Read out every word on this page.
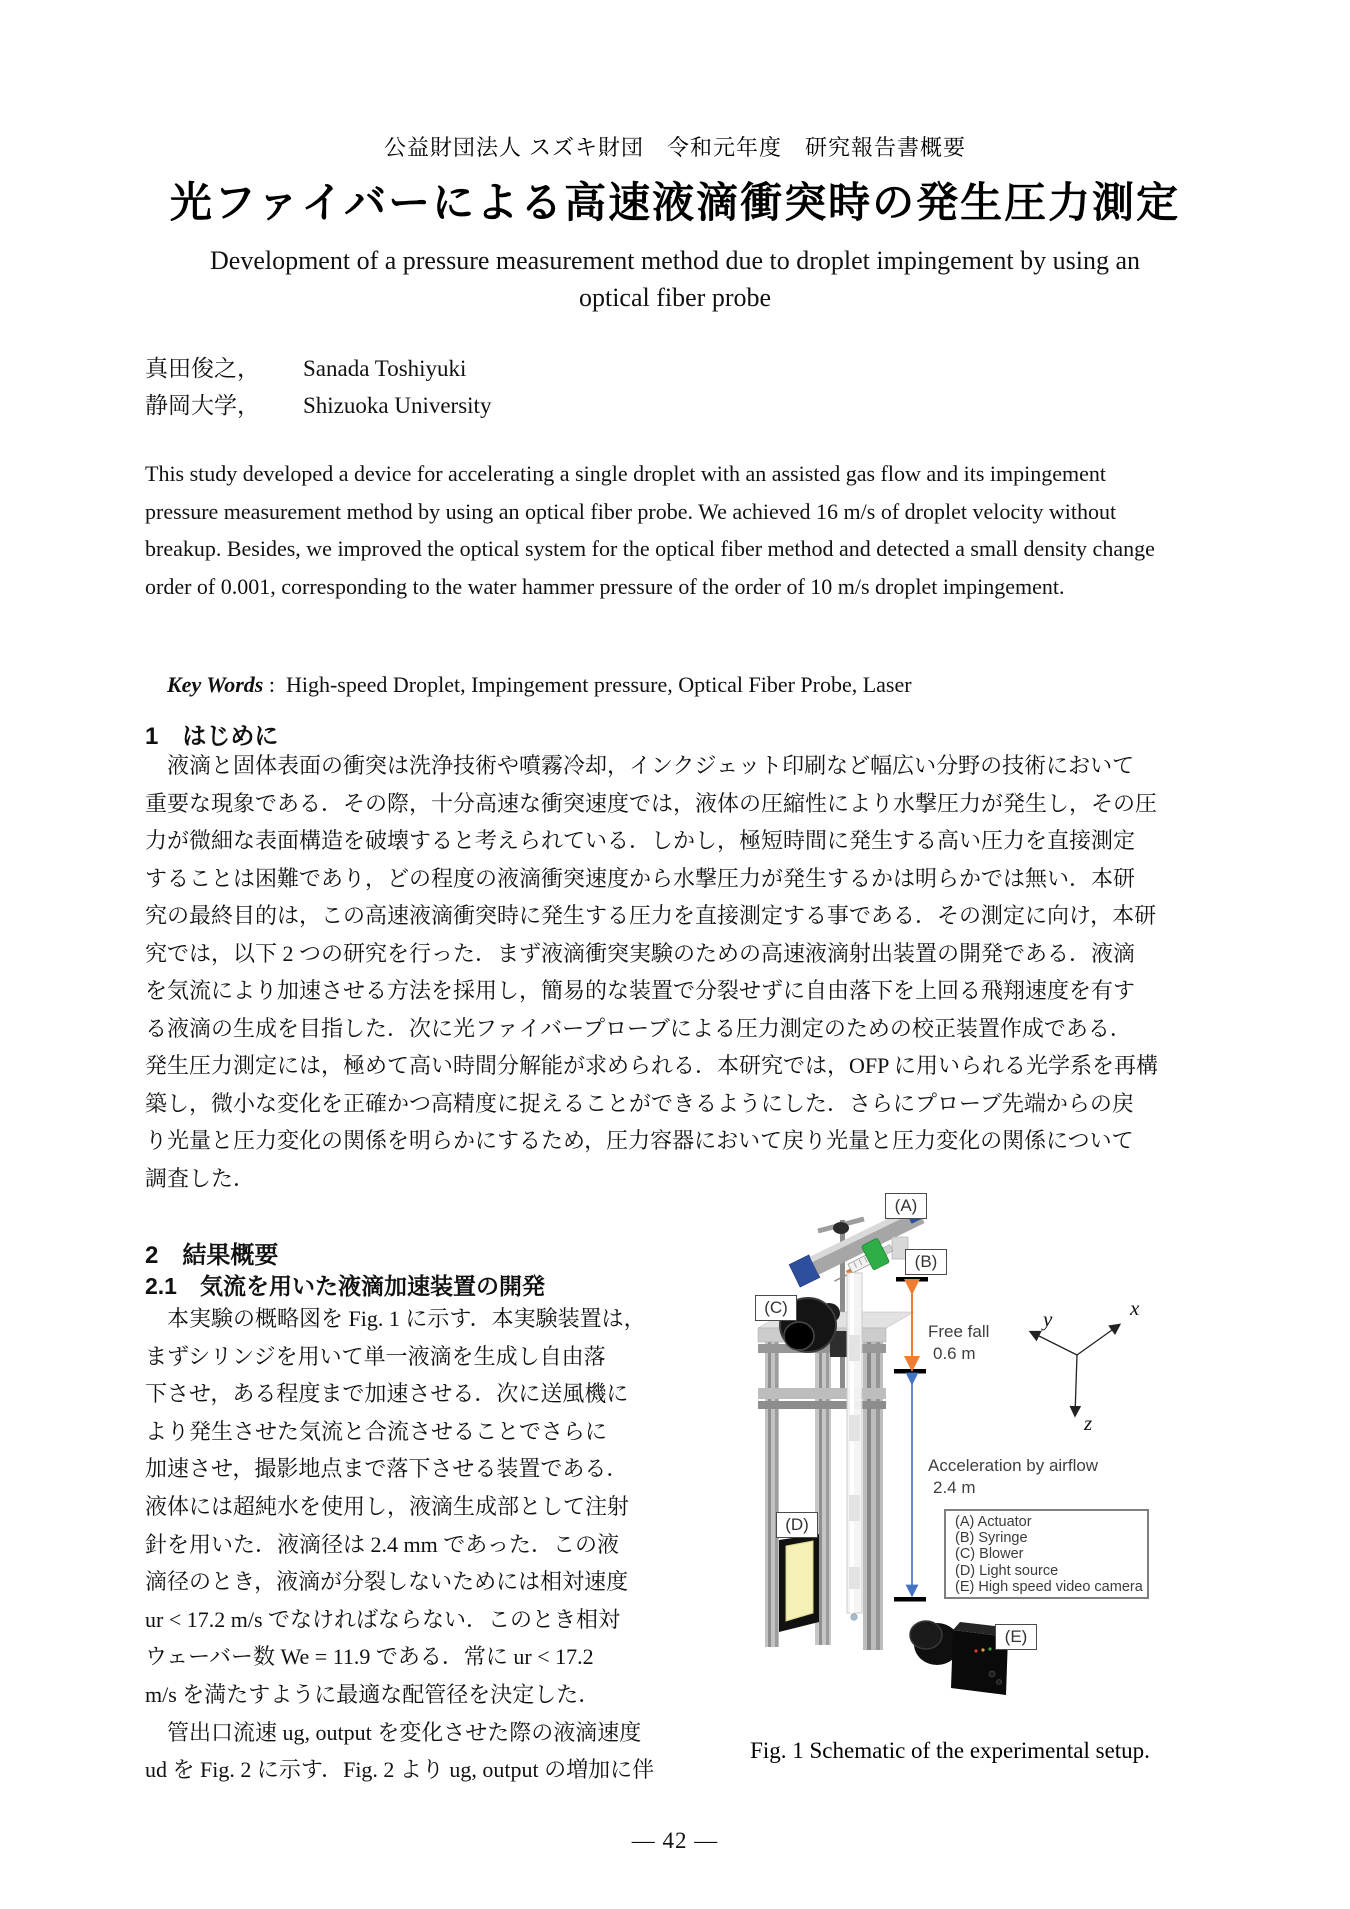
公益財団法人 スズキ財団　令和元年度　研究報告書概要
光ファイバーによる高速液滴衝突時の発生圧力測定
Development of a pressure measurement method due to droplet impingement by using an
optical fiber probe
真田俊之，	Sanada Toshiyuki
静岡大学，	Shizuoka University
This study developed a device for accelerating a single droplet with an assisted gas flow and its impingement
pressure measurement method by using an optical fiber probe. We achieved 16 m/s of droplet velocity without
breakup. Besides, we improved the optical system for the optical fiber method and detected a small density change
order of 0.001, corresponding to the water hammer pressure of the order of 10 m/s droplet impingement.

Key Words :  High-speed Droplet, Impingement pressure, Optical Fiber Probe, Laser

1　はじめに
　液滴と固体表面の衝突は洗浄技術や噴霧冷却，インクジェット印刷など幅広い分野の技術において
重要な現象である．その際，十分高速な衝突速度では，液体の圧縮性により水撃圧力が発生し，その圧
力が微細な表面構造を破壊すると考えられている．しかし，極短時間に発生する高い圧力を直接測定
することは困難であり，どの程度の液滴衝突速度から水撃圧力が発生するかは明らかでは無い．本研
究の最終目的は，この高速液滴衝突時に発生する圧力を直接測定する事である．その測定に向け，本研
究では，以下 2 つの研究を行った．まず液滴衝突実験のための高速液滴射出装置の開発である．液滴
を気流により加速させる方法を採用し，簡易的な装置で分裂せずに自由落下を上回る飛翔速度を有す
る液滴の生成を目指した．次に光ファイバープローブによる圧力測定のための校正装置作成である．
発生圧力測定には，極めて高い時間分解能が求められる．本研究では，OFP に用いられる光学系を再構
築し，微小な変化を正確かつ高精度に捉えることができるようにした．さらにプローブ先端からの戻
り光量と圧力変化の関係を明らかにするため，圧力容器において戻り光量と圧力変化の関係について
調査した．
2　結果概要
2.1　気流を用いた液滴加速装置の開発
　本実験の概略図を Fig. 1 に示す．本実験装置は，
まずシリンジを用いて単一液滴を生成し自由落
下させ，ある程度まで加速させる．次に送風機に
より発生させた気流と合流させることでさらに
加速させ，撮影地点まで落下させる装置である．
液体には超純水を使用し，液滴生成部として注射
針を用いた．液滴径は 2.4 mm であった．この液
滴径のとき，液滴が分裂しないためには相対速度
ur < 17.2 m/s でなければならない．このとき相対
ウェーバー数 We = 11.9 である．常に ur < 17.2
m/s を満たすように最適な配管径を決定した．
　管出口流速 ug, output を変化させた際の液滴速度
ud を Fig. 2 に示す．Fig. 2 より ug, output の増加に伴
Free fall
0.6 m
Acceleration by airflow
2.4 m
y	x
z
(A)
(B)
(C)
(D)
(E)
(A) Actuator
(B) Syringe
(C) Blower
(D) Light source
(E) High speed video camera
Fig. 1 Schematic of the experimental setup.
— 42 —
